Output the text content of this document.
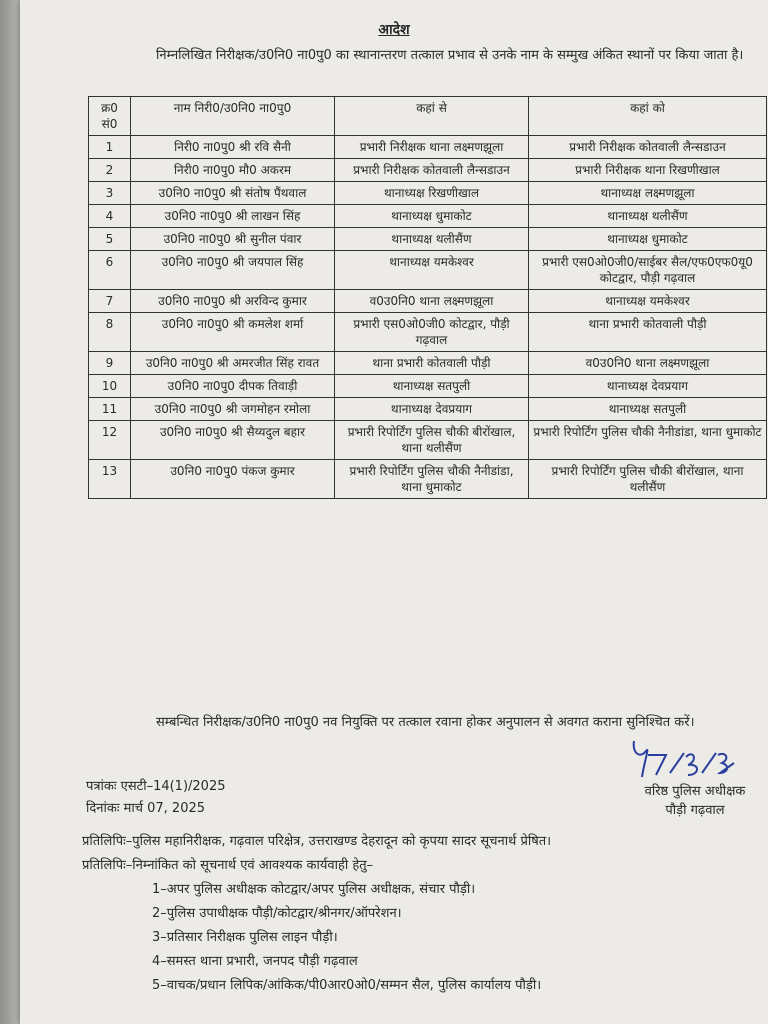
आदेश

निम्नलिखित निरीक्षक/उ0नि0 ना0पु0 का स्थानान्तरण तत्काल प्रभाव से उनके नाम के सम्मुख अंकित स्थानों पर किया जाता है।

क्र0 सं0	नाम निरी0/उ0नि0 ना0पु0	कहां से	कहां को
1	निरी0 ना0पु0 श्री रवि सैनी	प्रभारी निरीक्षक थाना लक्ष्मणझूला	प्रभारी निरीक्षक कोतवाली लैन्सडाउन
2	निरी0 ना0पु0 मौ0 अकरम	प्रभारी निरीक्षक कोतवाली लैन्सडाउन	प्रभारी निरीक्षक थाना रिखणीखाल
3	उ0नि0 ना0पु0 श्री संतोष पैंथवाल	थानाध्यक्ष रिखणीखाल	थानाध्यक्ष लक्ष्मणझूला
4	उ0नि0 ना0पु0 श्री लाखन सिंह	थानाध्यक्ष धुमाकोट	थानाध्यक्ष थलीसैंण
5	उ0नि0 ना0पु0 श्री सुनील पंवार	थानाध्यक्ष थलीसैंण	थानाध्यक्ष धुमाकोट
6	उ0नि0 ना0पु0 श्री जयपाल सिंह	थानाध्यक्ष यमकेश्वर	प्रभारी एस0ओ0जी0/साईबर सैल/एफ0एफ0यू0 कोटद्वार, पौड़ी गढ़वाल
7	उ0नि0 ना0पु0 श्री अरविन्द कुमार	व0उ0नि0 थाना लक्ष्मणझूला	थानाध्यक्ष यमकेश्वर
8	उ0नि0 ना0पु0 श्री कमलेश शर्मा	प्रभारी एस0ओ0जी0 कोटद्वार, पौड़ी गढ़वाल	थाना प्रभारी कोतवाली पौड़ी
9	उ0नि0 ना0पु0 श्री अमरजीत सिंह रावत	थाना प्रभारी कोतवाली पौड़ी	व0उ0नि0 थाना लक्ष्मणझूला
10	उ0नि0 ना0पु0 दीपक तिवाड़ी	थानाध्यक्ष सतपुली	थानाध्यक्ष देवप्रयाग
11	उ0नि0 ना0पु0 श्री जगमोहन रमोला	थानाध्यक्ष देवप्रयाग	थानाध्यक्ष सतपुली
12	उ0नि0 ना0पु0 श्री सैय्यदुल बहार	प्रभारी रिपोर्टिंग पुलिस चौकी बीरोंखाल, थाना थलीसैंण	प्रभारी रिपोर्टिंग पुलिस चौकी नैनीडांडा, थाना धुमाकोट
13	उ0नि0 ना0पु0 पंकज कुमार	प्रभारी रिपोर्टिंग पुलिस चौकी नैनीडांडा, थाना धुमाकोट	प्रभारी रिपोर्टिंग पुलिस चौकी बीरोंखाल, थाना थलीसैंण

सम्बन्धित निरीक्षक/उ0नि0 ना0पु0 नव नियुक्ति पर तत्काल रवाना होकर अनुपालन से अवगत कराना सुनिश्चित करें।

पत्रांकः एसटी–14(1)/2025
दिनांकः मार्च 07, 2025
वरिष्ठ पुलिस अधीक्षक
पौड़ी गढ़वाल
प्रतिलिपिः–पुलिस महानिरीक्षक, गढ़वाल परिक्षेत्र, उत्तराखण्ड देहरादून को कृपया सादर सूचनार्थ प्रेषित।
प्रतिलिपिः–निम्नांकित को सूचनार्थ एवं आवश्यक कार्यवाही हेतु–
1–अपर पुलिस अधीक्षक कोटद्वार/अपर पुलिस अधीक्षक, संचार पौड़ी।
2–पुलिस उपाधीक्षक पौड़ी/कोटद्वार/श्रीनगर/ऑपरेशन।
3–प्रतिसार निरीक्षक पुलिस लाइन पौड़ी।
4–समस्त थाना प्रभारी, जनपद पौड़ी गढ़वाल
5–वाचक/प्रधान लिपिक/आंकिक/पी0आर0ओ0/सम्मन सैल, पुलिस कार्यालय पौड़ी।
